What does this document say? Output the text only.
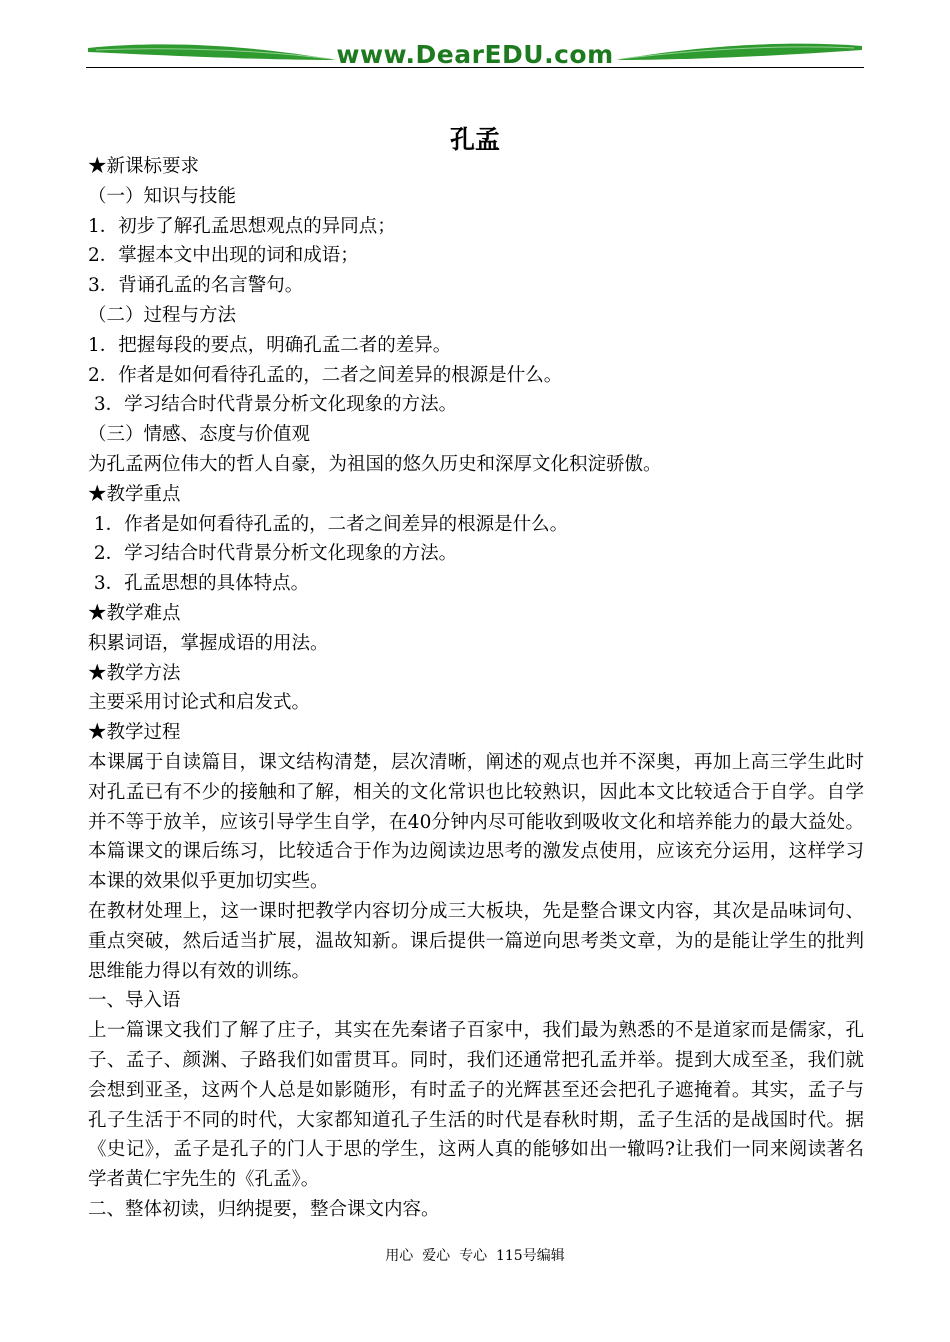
www.DearEDU.com
孔孟
★新课标要求
（一）知识与技能
1．初步了解孔孟思想观点的异同点；
2．掌握本文中出现的词和成语；
3．背诵孔孟的名言警句。
（二）过程与方法
1．把握每段的要点，明确孔孟二者的差异。
2．作者是如何看待孔孟的，二者之间差异的根源是什么。
3．学习结合时代背景分析文化现象的方法。
（三）情感、态度与价值观
为孔孟两位伟大的哲人自豪，为祖国的悠久历史和深厚文化积淀骄傲。
★教学重点
1．作者是如何看待孔孟的，二者之间差异的根源是什么。
2．学习结合时代背景分析文化现象的方法。
3．孔孟思想的具体特点。
★教学难点
积累词语，掌握成语的用法。
★教学方法
主要采用讨论式和启发式。
★教学过程
本课属于自读篇目，课文结构清楚，层次清晰，阐述的观点也并不深奥，再加上高三学生此时对孔孟已有不少的接触和了解，相关的文化常识也比较熟识，因此本文比较适合于自学。自学并不等于放羊，应该引导学生自学，在40分钟内尽可能收到吸收文化和培养能力的最大益处。本篇课文的课后练习，比较适合于作为边阅读边思考的激发点使用，应该充分运用，这样学习本课的效果似乎更加切实些。
在教材处理上，这一课时把教学内容切分成三大板块，先是整合课文内容，其次是品味词句、重点突破，然后适当扩展，温故知新。课后提供一篇逆向思考类文章，为的是能让学生的批判思维能力得以有效的训练。
一、导入语
上一篇课文我们了解了庄子，其实在先秦诸子百家中，我们最为熟悉的不是道家而是儒家，孔子、孟子、颜渊、子路我们如雷贯耳。同时，我们还通常把孔孟并举。提到大成至圣，我们就会想到亚圣，这两个人总是如影随形，有时孟子的光辉甚至还会把孔子遮掩着。其实，孟子与孔子生活于不同的时代，大家都知道孔子生活的时代是春秋时期，孟子生活的是战国时代。据《史记》，孟子是孔子的门人于思的学生，这两人真的能够如出一辙吗?让我们一同来阅读著名学者黄仁宇先生的《孔孟》。
二、整体初读，归纳提要，整合课文内容。
用心  爱心  专心  115号编辑
